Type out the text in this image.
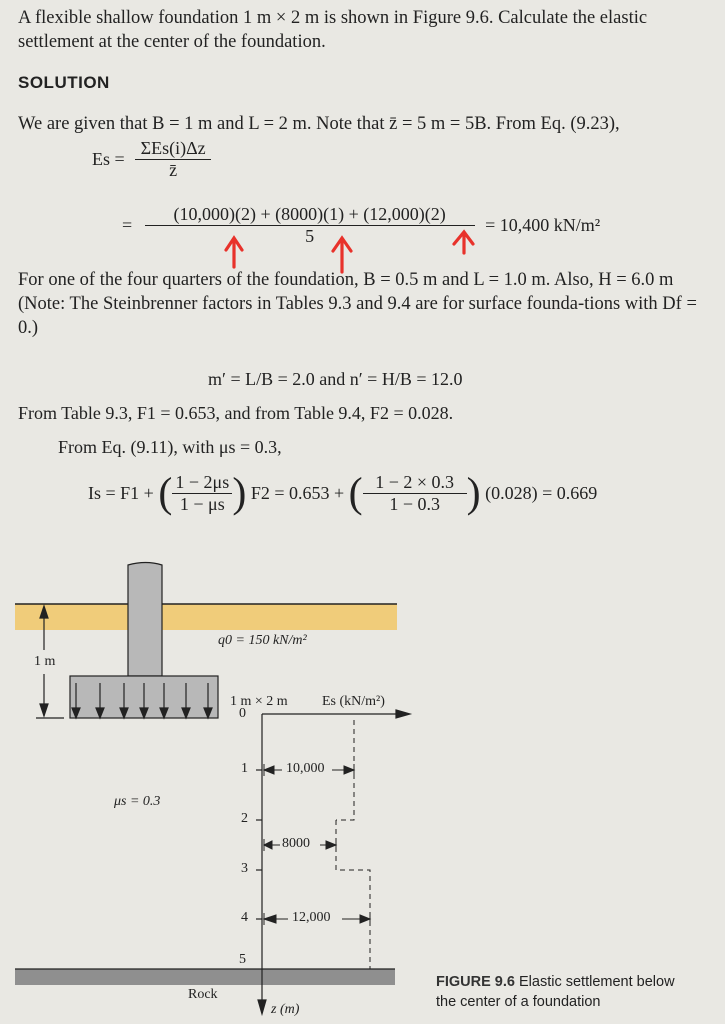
A flexible shallow foundation 1 m × 2 m is shown in Figure 9.6. Calculate the elastic settlement at the center of the foundation.
SOLUTION
We are given that B = 1 m and L = 2 m. Note that z̄ = 5 m = 5B. From Eq. (9.23),
$Es = \frac{\text{ΣEs(i)Δz}}{z̄}$
= $\frac{(10,000)(2) + (8000)(1) + (12,000)(2)}{5} = 10,400$ kN/m²
For one of the four quarters of the foundation, B = 0.5 m and L = 1.0 m. Also, H = 6.0 m (Note: The Steinbrenner factors in Tables 9.3 and 9.4 are for surface founda-tions with Df = 0.)
m′ = L/B = 2.0 and n′ = H/B = 12.0
From Table 9.3, F1 = 0.653, and from Table 9.4, F2 = 0.028.
From Eq. (9.11), with μs = 0.3,
Is = F1 + ( $\frac{1 - 2\mu s}{1 - \mu s}$ ) F2 = 0.653 + ( $\frac{1 - 2 \times 0.3}{1 - 0.3}$ ) (0.028) = 0.669
q0 = 150 kN/m²
1 m
1 m × 2 m Es (kN/m²)
μs = 0.3
0
1
2
3
4
5
10,000
8000
12,000
Rock
z (m)
FIGURE 9.6 Elastic settlement below the center of a foundation
